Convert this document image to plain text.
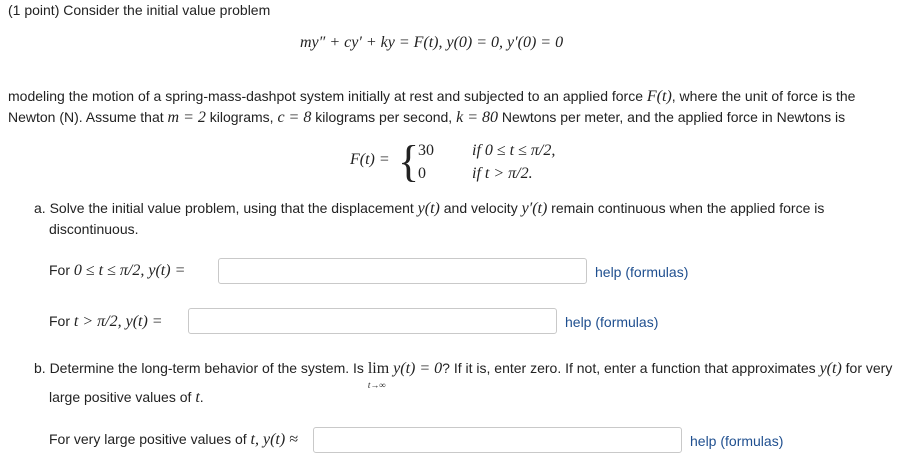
(1 point) Consider the initial value problem
my″ + cy′ + ky = F(t), y(0) = 0, y′(0) = 0
modeling the motion of a spring-mass-dashpot system initially at rest and subjected to an applied force F(t), where the unit of force is the
Newton (N). Assume that m = 2 kilograms, c = 8 kilograms per second, k = 80 Newtons per meter, and the applied force in Newtons is
F(t) = {
30 if 0 ≤ t ≤ π/2,
0	if t > π/2.
a. Solve the initial value problem, using that the displacement y(t) and velocity y′(t) remain continuous when the applied force is
discontinuous.
For 0 ≤ t ≤ π/2, y(t) =	help (formulas)
For t > π/2, y(t) =	help (formulas)
b. Determine the long-term behavior of the system. Is lim
t→∞
y(t) = 0? If it is, enter zero. If not, enter a function that approximates y(t) for very
large positive values of t.
For very large positive values of t, y(t) ≈	help (formulas)
